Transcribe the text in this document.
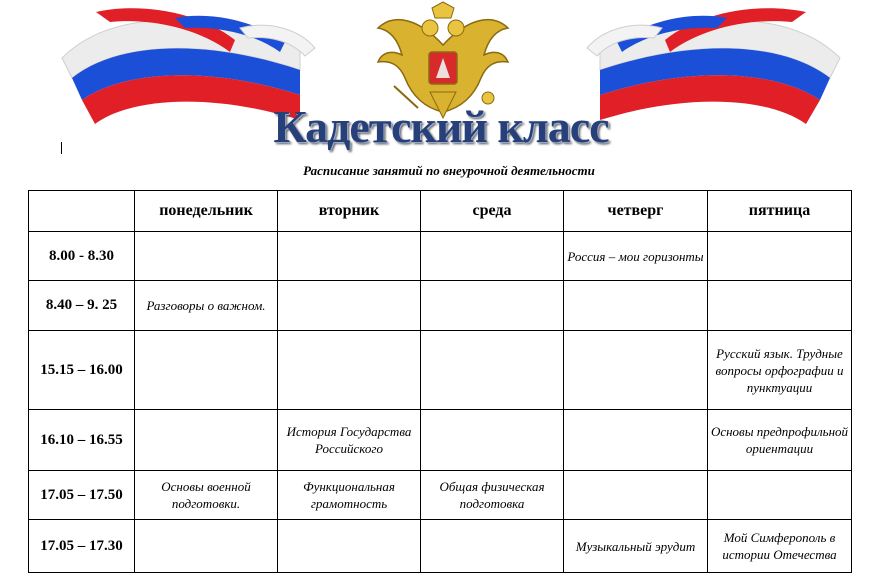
Кадетский класс
Расписание занятий по внеурочной деятельности
	понедельник	вторник	среда	четверг	пятница
8.00 - 8.30				Россия – мои горизонты	
8.40 – 9. 25	Разговоры о важном.				
15.15 – 16.00					Русский язык. Трудные вопросы орфографии и пунктуации
16.10 – 16.55		История Государства Российского			Основы предпрофильной ориентации
17.05 – 17.50	Основы военной подготовки.	Функциональная грамотность	Общая физическая подготовка		
17.05 – 17.30				Музыкальный эрудит	Мой Симферополь в истории Отечества
